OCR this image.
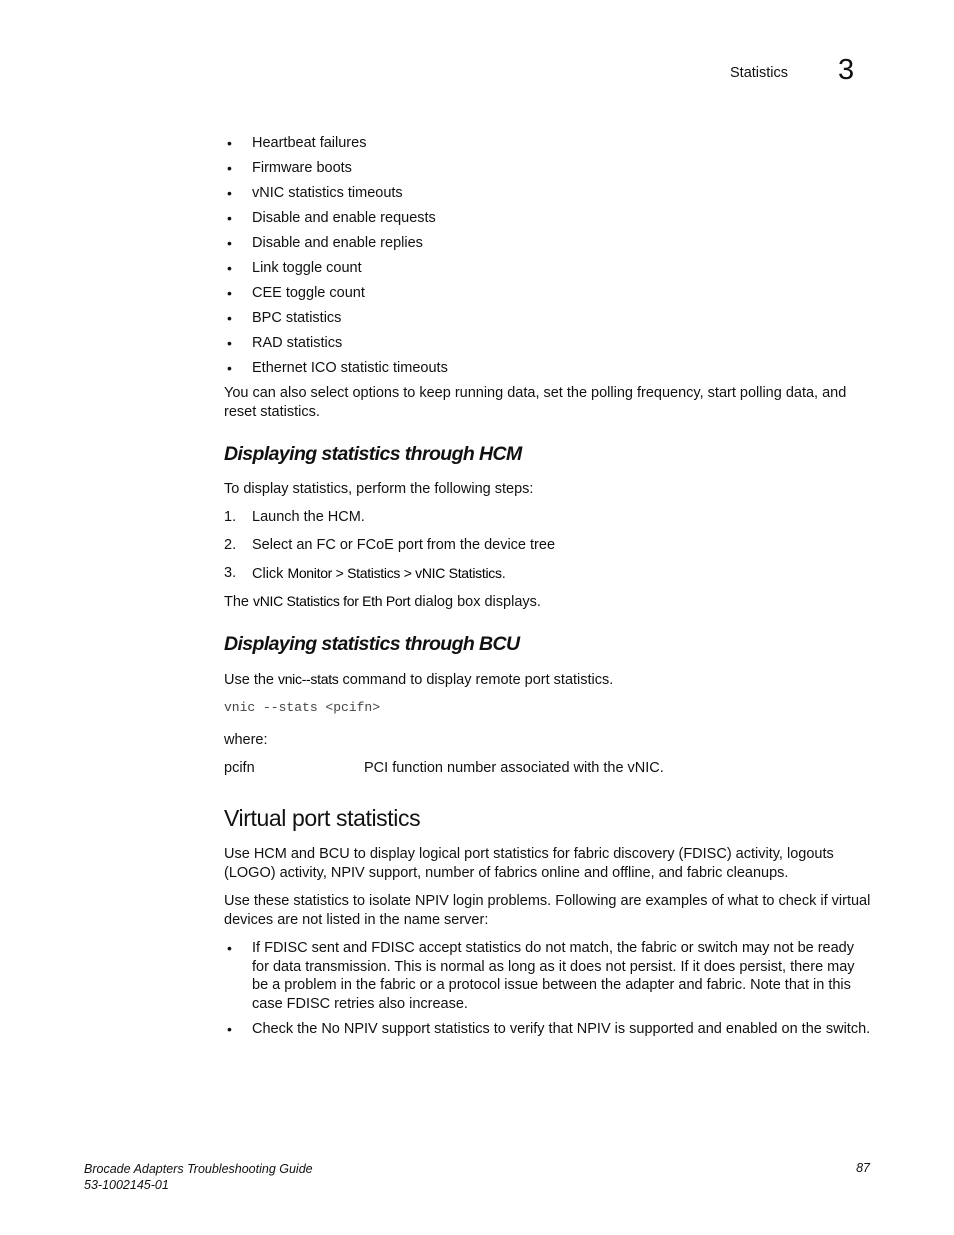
Statistics 3
• Heartbeat failures
• Firmware boots
• vNIC statistics timeouts
• Disable and enable requests
• Disable and enable replies
• Link toggle count
• CEE toggle count
• BPC statistics
• RAD statistics
• Ethernet ICO statistic timeouts
You can also select options to keep running data, set the polling frequency, start polling data, and reset statistics.
Displaying statistics through HCM
To display statistics, perform the following steps:
1. Launch the HCM.
2. Select an FC or FCoE port from the device tree
3. Click Monitor > Statistics > vNIC Statistics.
The vNIC Statistics for Eth Port dialog box displays.
Displaying statistics through BCU
Use the vnic--stats command to display remote port statistics.
vnic --stats <pcifn>
where:
pcifn	PCI function number associated with the vNIC.
Virtual port statistics
Use HCM and BCU to display logical port statistics for fabric discovery (FDISC) activity, logouts (LOGO) activity, NPIV support, number of fabrics online and offline, and fabric cleanups.
Use these statistics to isolate NPIV login problems. Following are examples of what to check if virtual devices are not listed in the name server:
• If FDISC sent and FDISC accept statistics do not match, the fabric or switch may not be ready for data transmission. This is normal as long as it does not persist. If it does persist, there may be a problem in the fabric or a protocol issue between the adapter and fabric. Note that in this case FDISC retries also increase.
• Check the No NPIV support statistics to verify that NPIV is supported and enabled on the switch.
Brocade Adapters Troubleshooting Guide
53-1002145-01
87
